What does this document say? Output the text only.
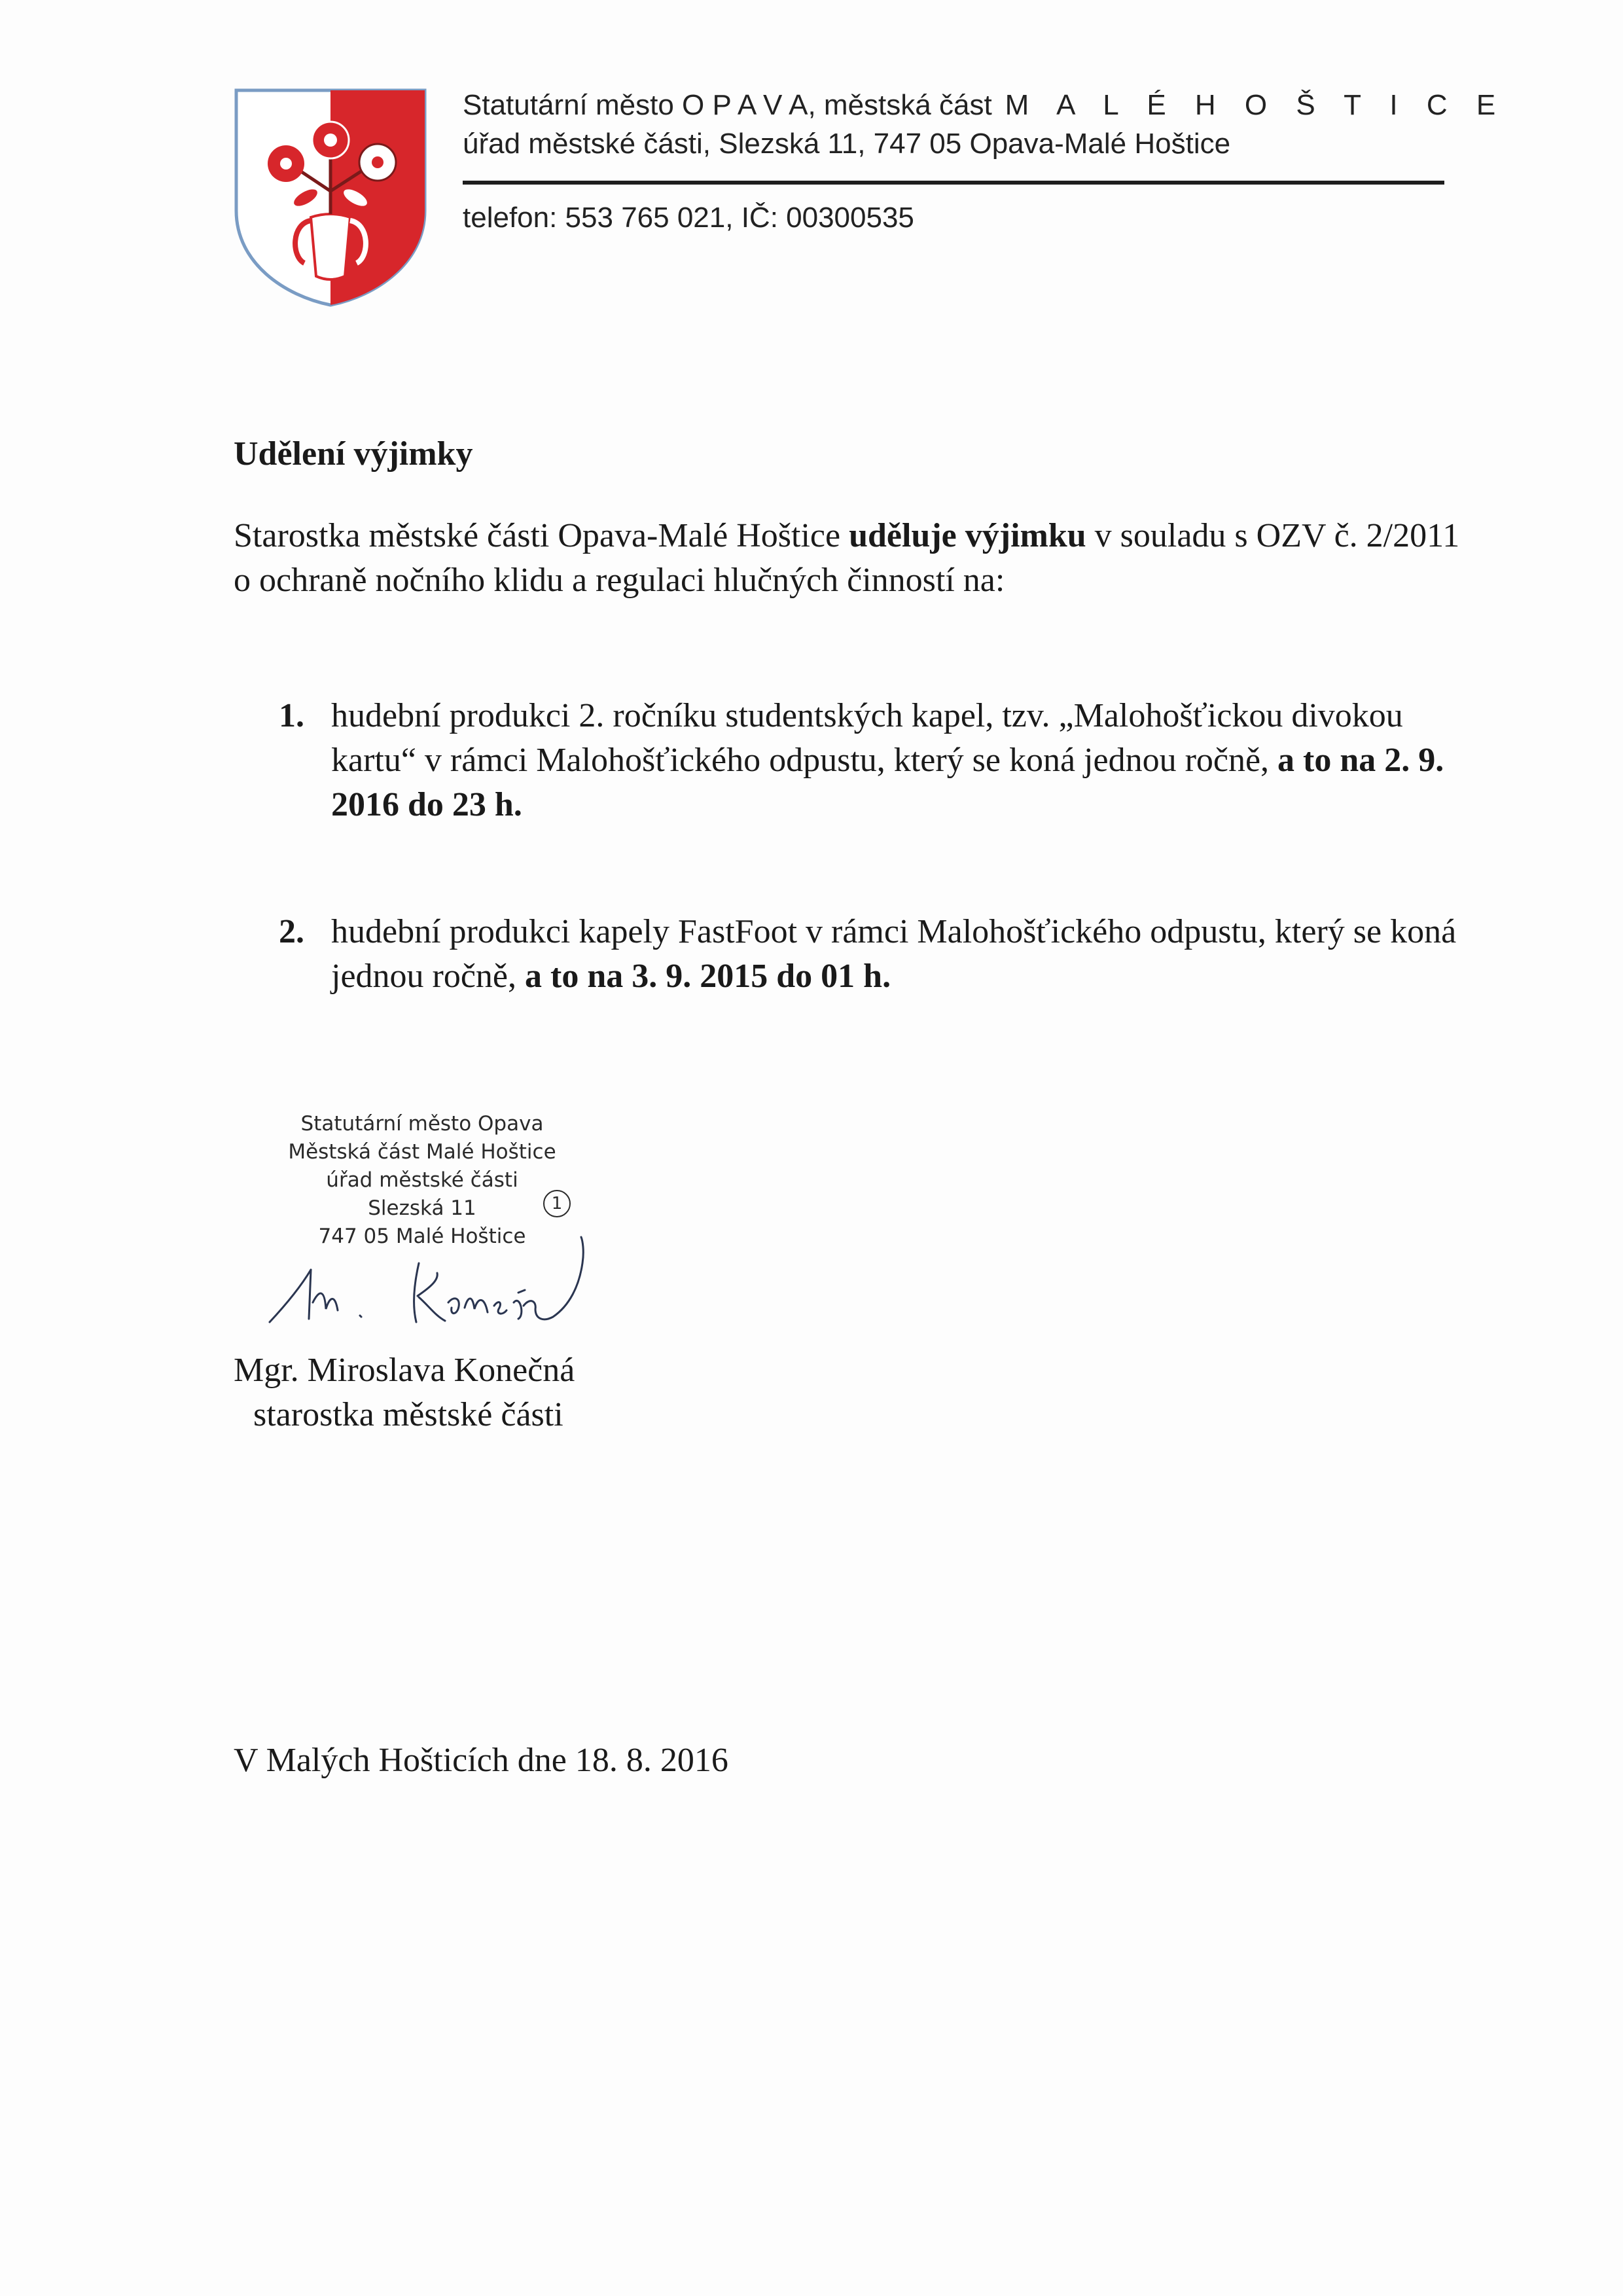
Statutární město O P A V A, městská část M A L É H O Š T I C E
úřad městské části, Slezská 11, 747 05 Opava-Malé Hoštice
telefon: 553 765 021, IČ: 00300535
Udělení výjimky
Starostka městské části Opava-Malé Hoštice uděluje výjimku v souladu s OZV č. 2/2011 o ochraně nočního klidu a regulaci hlučných činností na:
1. hudební produkci 2. ročníku studentských kapel, tzv. „Malohošťickou divokou kartu“ v rámci Malohošťického odpustu, který se koná jednou ročně, a to na 2. 9. 2016 do 23 h.
2. hudební produkci kapely FastFoot v rámci Malohošťického odpustu, který se koná jednou ročně, a to na 3. 9. 2015 do 01 h.
Statutární město Opava
Městská část Malé Hoštice
úřad městské části
Slezská 11
747 05 Malé Hoštice
1
Mgr. Miroslava Konečná
starostka městské části
V Malých Hošticích dne 18. 8. 2016
